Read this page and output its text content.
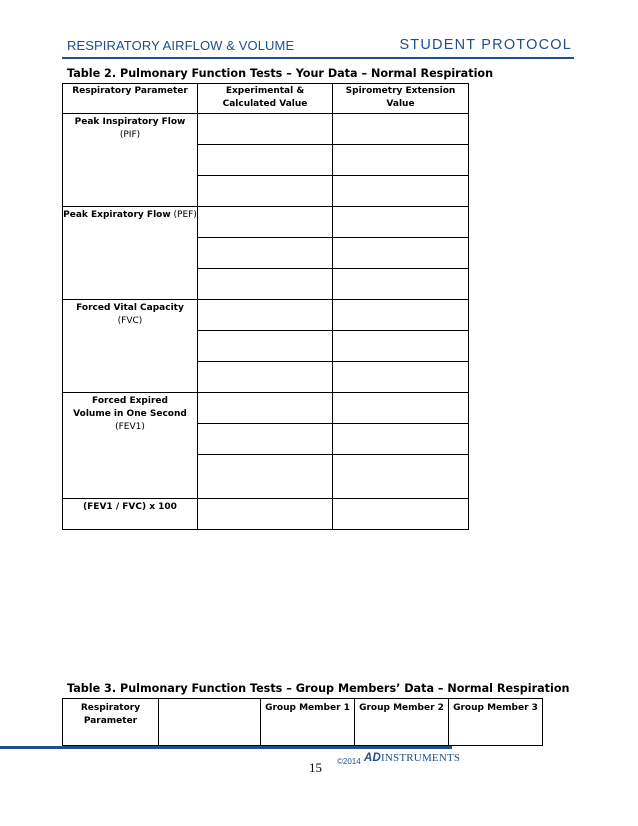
RESPIRATORY AIRFLOW & VOLUME	STUDENT PROTOCOL
Table 2. Pulmonary Function Tests – Your Data – Normal Respiration
Respiratory Parameter	Experimental & Calculated Value	Spirometry Extension Value

Peak Inspiratory Flow
(PIF)		

Peak Expiratory Flow (PEF)		

Forced Vital Capacity (FVC)		

Forced Expired Volume in One Second
(FEV1)		

(FEV1 / FVC) x 100		
Table 3. Pulmonary Function Tests – Group Members’ Data – Normal Respiration
Respiratory Parameter		Group Member 1	Group Member 2	Group Member 3
15 ©2014 ADINSTRUMENTS
